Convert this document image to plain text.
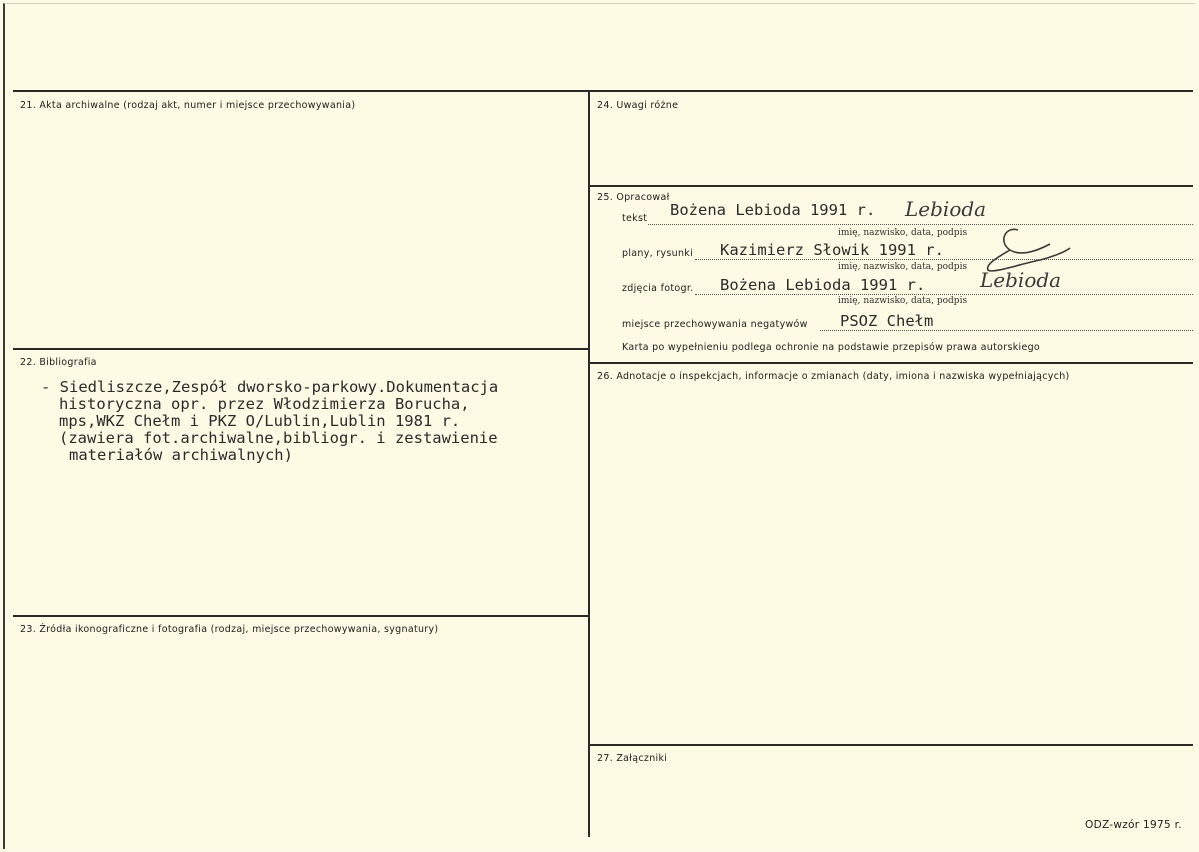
21. Akta archiwalne (rodzaj akt, numer i miejsce przechowywania)
22. Bibliografia
23. Źródła ikonograficzne i fotografia (rodzaj, miejsce przechowywania, sygnatury)
24. Uwagi różne
25. Opracował
26. Adnotacje o inspekcjach, informacje o zmianach (daty, imiona i nazwiska wypełniających)
27. Załączniki
- Siedliszcze,Zespół dworsko-parkowy.Dokumentacja
historyczna opr. przez Włodzimierza Borucha,
mps,WKZ Chełm i PKZ O/Lublin,Lublin 1981 r.
(zawiera fot.archiwalne,bibliogr. i zestawienie
materiałów archiwalnych)
tekst Bożena Lebioda 1991 r. Lebioda
imię, nazwisko, data, podpis
plany, rysunki Kazimierz Słowik 1991 r.
imię, nazwisko, data, podpis
zdjęcia fotogr. Bożena Lebioda 1991 r.	Lebioda
imię, nazwisko, data, podpis
miejsce przechowywania negatywów PSOZ Chełm
Karta po wypełnieniu podlega ochronie na podstawie przepisów prawa autorskiego
ODZ-wzór 1975 r.
